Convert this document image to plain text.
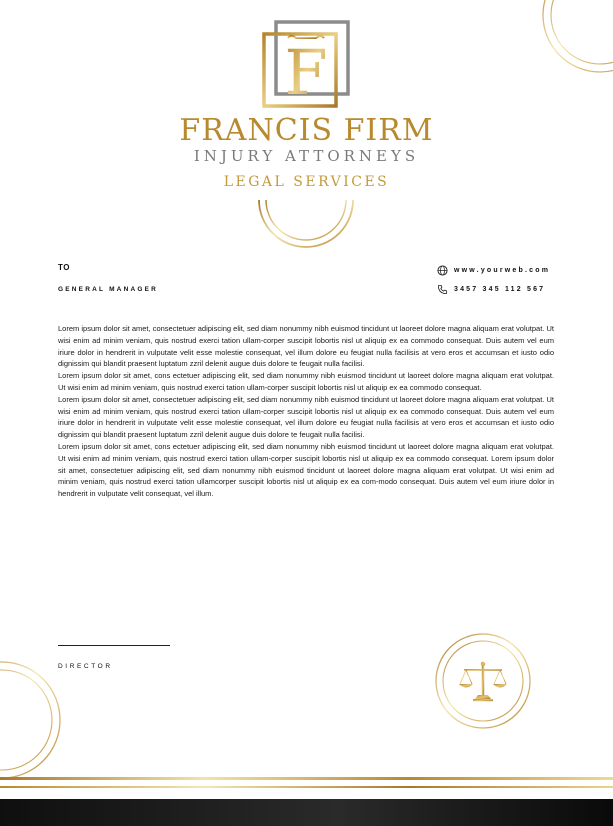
F
FRANCIS FIRM
INJURY ATTORNEYS
LEGAL SERVICES
TO
GENERAL MANAGER
www.yourweb.com
3457 345 112 567

Lorem ipsum dolor sit amet, consectetuer adipiscing elit, sed diam nonummy nibh euismod tincidunt ut laoreet dolore magna aliquam erat volutpat. Ut wisi enim ad minim veniam, quis nostrud exerci tation ullam-corper suscipit lobortis nisl ut aliquip ex ea commodo consequat. Duis autem vel eum iriure dolor in hendrerit in vulputate velit esse molestie consequat, vel illum dolore eu feugiat nulla facilisis at vero eros et accumsan et iusto odio dignissim qui blandit praesent luptatum zzril delenit augue duis dolore te feugait nulla facilisi.

Lorem ipsum dolor sit amet, cons ectetuer adipiscing elit, sed diam nonummy nibh euismod tincidunt ut laoreet dolore magna aliquam erat volutpat. Ut wisi enim ad minim veniam, quis nostrud exerci tation ullam-corper suscipit lobortis nisl ut aliquip ex ea commodo consequat.

Lorem ipsum dolor sit amet, consectetuer adipiscing elit, sed diam nonummy nibh euismod tincidunt ut laoreet dolore magna aliquam erat volutpat. Ut wisi enim ad minim veniam, quis nostrud exerci tation ullam-corper suscipit lobortis nisl ut aliquip ex ea commodo consequat. Duis autem vel eum iriure dolor in hendrerit in vulputate velit esse molestie consequat, vel illum dolore eu feugiat nulla facilisis at vero eros et accumsan et iusto odio dignissim qui blandit praesent luptatum zzril delenit augue duis dolore te feugait nulla facilisi.

Lorem ipsum dolor sit amet, cons ectetuer adipiscing elit, sed diam nonummy nibh euismod tincidunt ut laoreet dolore magna aliquam erat volutpat. Ut wisi enim ad minim veniam, quis nostrud exerci tation ullam-corper suscipit lobortis nisl ut aliquip ex ea commodo consequat. Lorem ipsum dolor sit amet, consectetuer adipiscing elit, sed diam nonummy nibh euismod tincidunt ut laoreet dolore magna aliquam erat volutpat. Ut wisi enim ad minim veniam, quis nostrud exerci tation ullamcorper suscipit lobortis nisl ut aliquip ex ea com-modo consequat. Duis autem vel eum iriure dolor in hendrerit in vulputate velit consequat, vel illum.

DIRECTOR
